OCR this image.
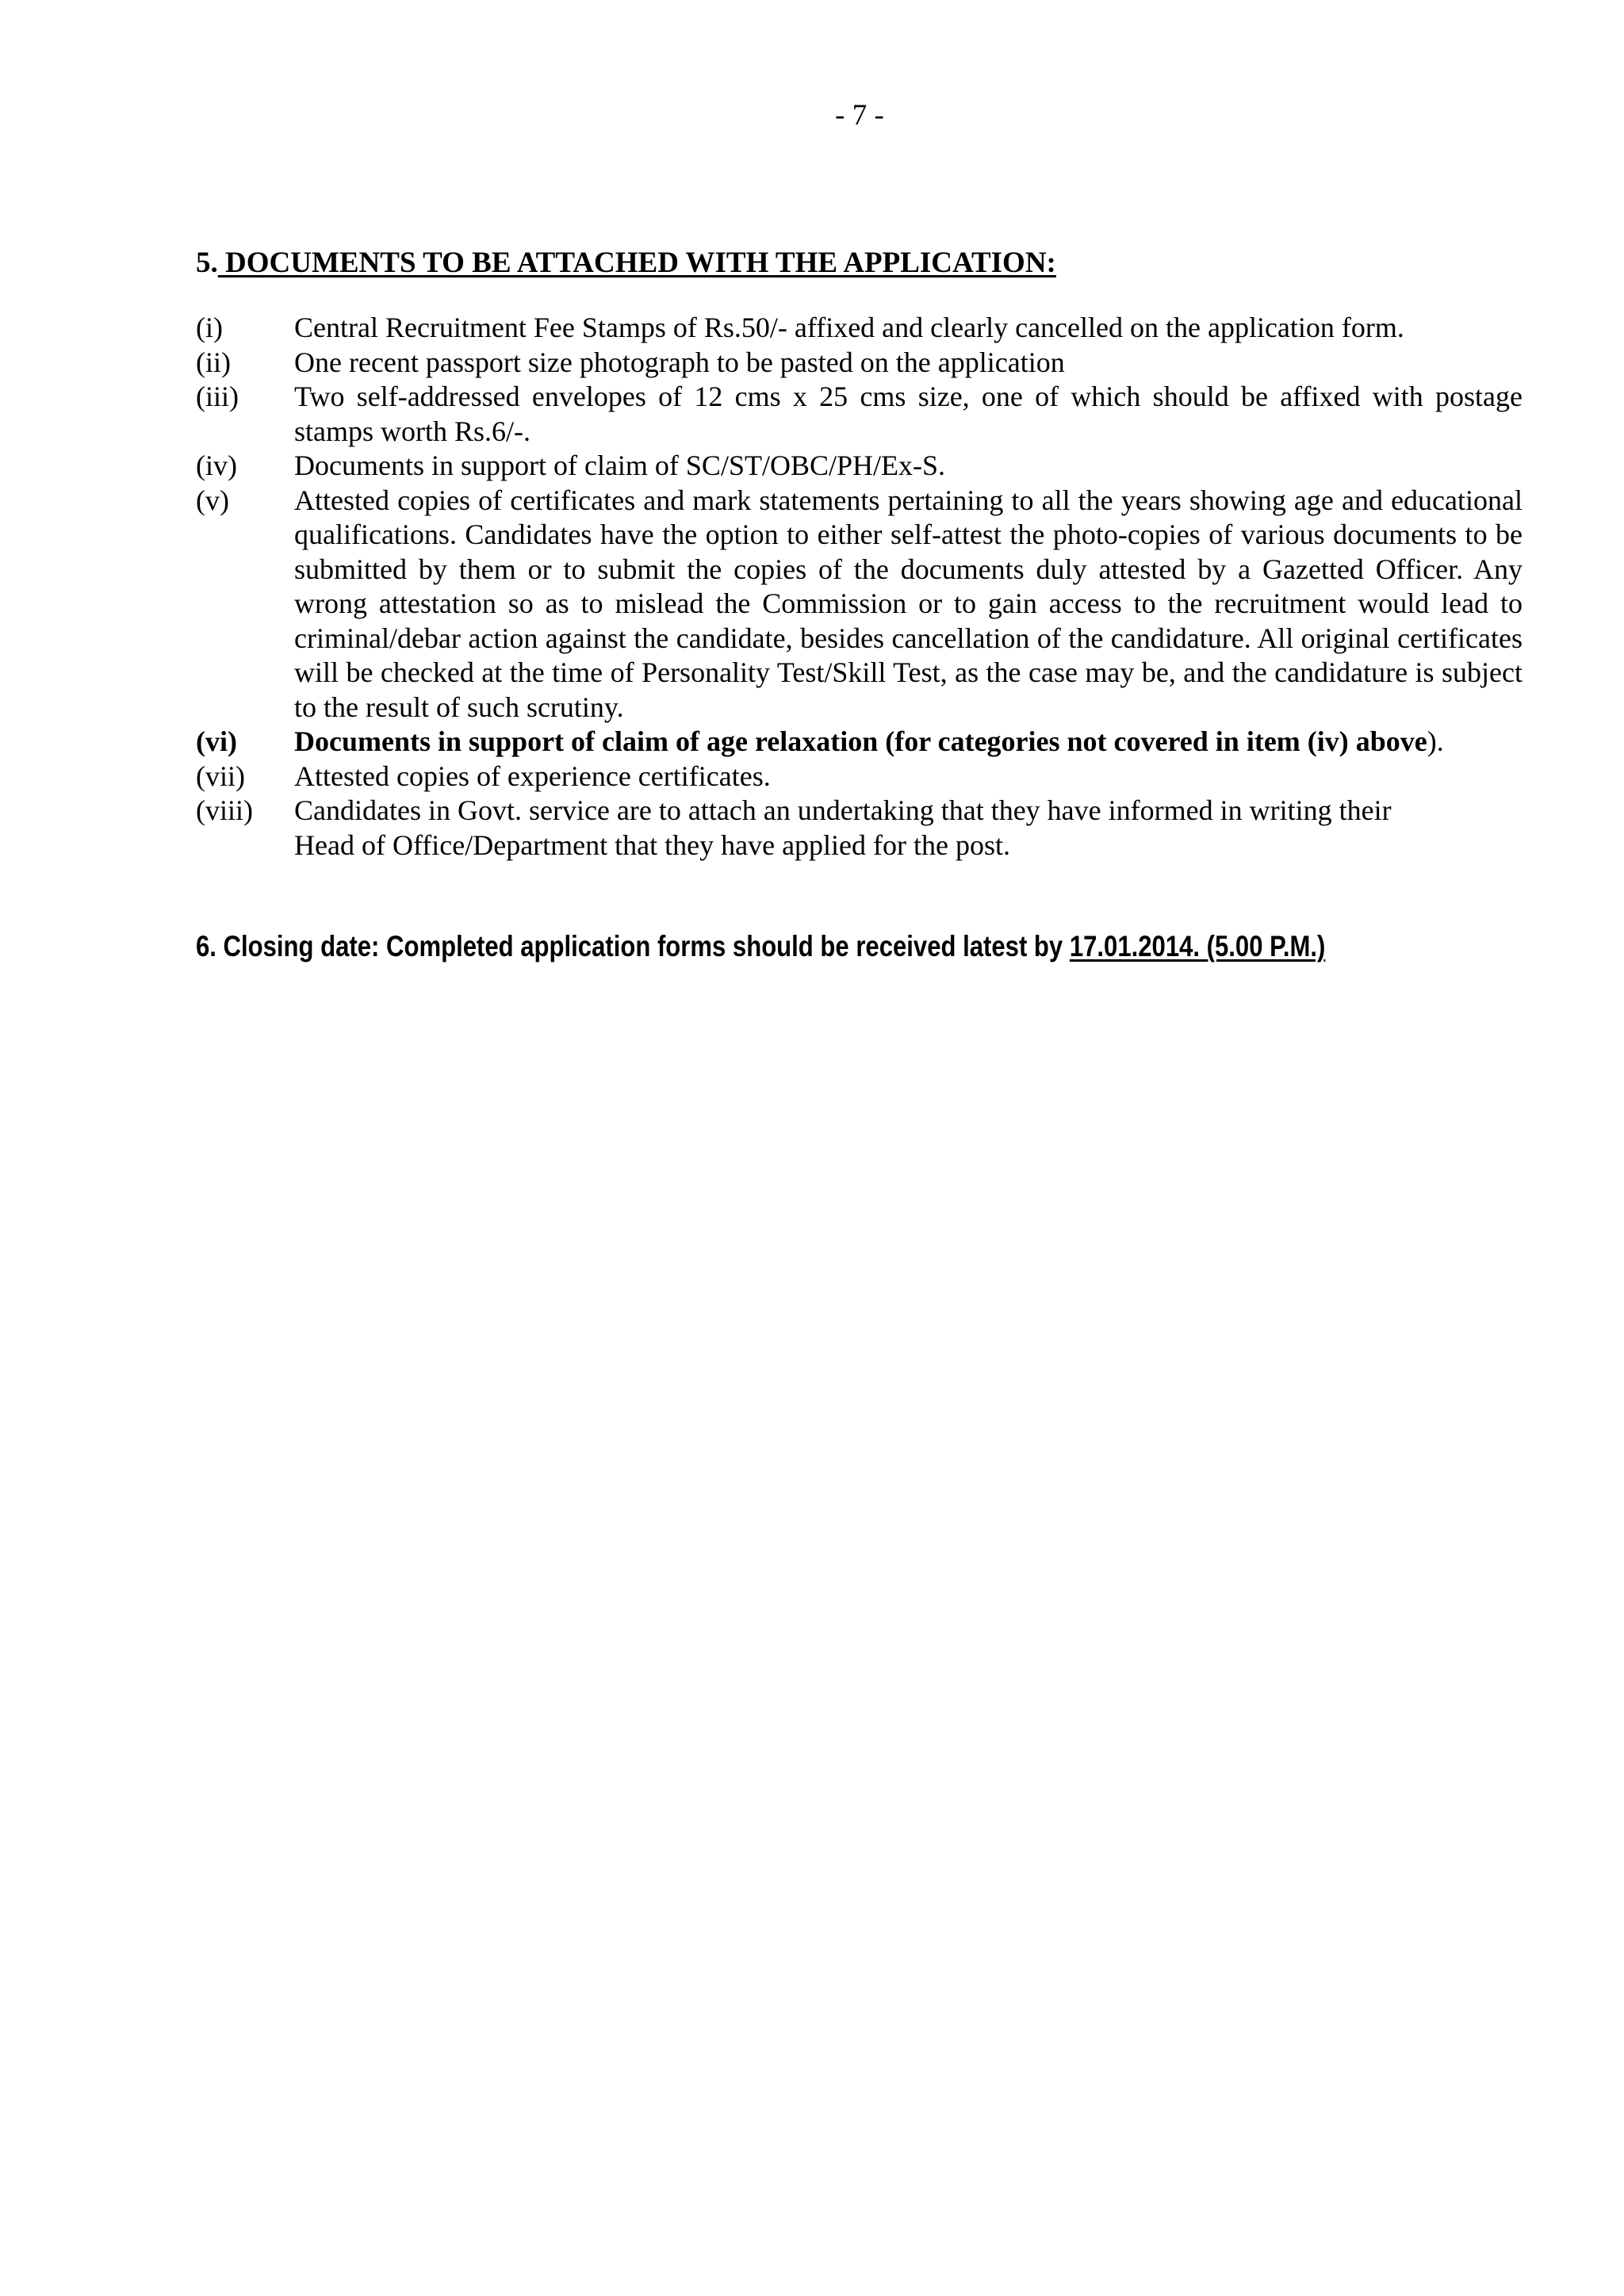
- 7 -
5. DOCUMENTS TO BE ATTACHED WITH THE APPLICATION:
(i)	Central Recruitment Fee Stamps of Rs.50/- affixed and clearly cancelled on the application form.
(ii)	One recent passport size photograph to be pasted on the application
(iii)	Two self-addressed envelopes of 12 cms x 25 cms size, one of which should be affixed with postage stamps worth Rs.6/-.
(iv)	Documents in support of claim of SC/ST/OBC/PH/Ex-S.
(v)	Attested copies of certificates and mark statements pertaining to all the years showing age and educational qualifications. Candidates have the option to either self-attest the photo-copies of various documents to be submitted by them or to submit the copies of the documents duly attested by a Gazetted Officer. Any wrong attestation so as to mislead the Commission or to gain access to the recruitment would lead to criminal/debar action against the candidate, besides cancellation of the candidature. All original certificates will be checked at the time of Personality Test/Skill Test, as the case may be, and the candidature is subject to the result of such scrutiny.
(vi)	Documents in support of claim of age relaxation (for categories not covered in item (iv) above).
(vii)	Attested copies of experience certificates.
(viii)	Candidates in Govt. service are to attach an undertaking that they have informed in writing their
Head of Office/Department that they have applied for the post.
6. Closing date: Completed application forms should be received latest by 17.01.2014. (5.00 P.M.)
